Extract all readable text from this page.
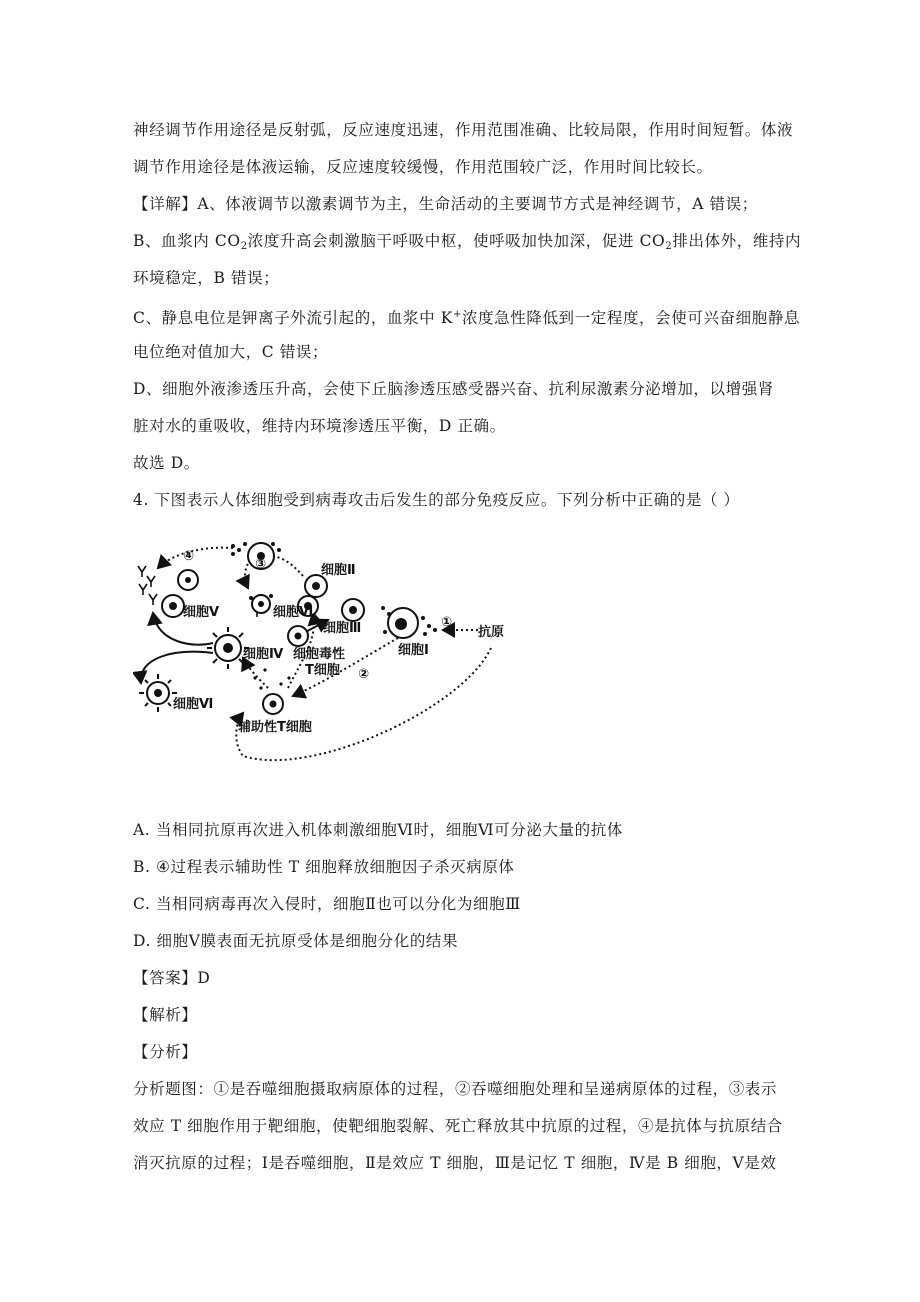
神经调节作用途径是反射弧，反应速度迅速，作用范围准确、比较局限，作用时间短暂。体液
调节作用途径是体液运输，反应速度较缓慢，作用范围较广泛，作用时间比较长。
【详解】A、体液调节以激素调节为主，生命活动的主要调节方式是神经调节，A 错误；
B、血浆内 $CO_2$浓度升高会刺激脑干呼吸中枢，使呼吸加快加深，促进 $CO_2$排出体外，维持内
环境稳定，B 错误；
C、静息电位是钾离子外流引起的，血浆中 K+浓度急性降低到一定程度，会使可兴奋细胞静息
电位绝对值加大，C 错误；
D、细胞外液渗透压升高，会使下丘脑渗透压感受器兴奋、抗利尿激素分泌增加，以增强肾
脏对水的重吸收，维持内环境渗透压平衡，D 正确。
故选 D。
4. 下图表示人体细胞受到病毒攻击后发生的部分免疫反应。下列分析中正确的是（ ）
④
③
①
②
细胞Ⅱ
细胞Ⅵ
细胞Ⅲ
细胞Ⅴ
细胞Ⅳ 细胞毒性
T细胞
细胞Ⅰ
抗原
细胞Ⅵ
辅助性T细胞
A. 当相同抗原再次进入机体刺激细胞Ⅵ时，细胞Ⅵ可分泌大量的抗体
B. ④过程表示辅助性 T 细胞释放细胞因子杀灭病原体
C. 当相同病毒再次入侵时，细胞Ⅱ也可以分化为细胞Ⅲ
D. 细胞Ⅴ膜表面无抗原受体是细胞分化的结果
【答案】D
【解析】
【分析】
分析题图：①是吞噬细胞摄取病原体的过程，②吞噬细胞处理和呈递病原体的过程，③表示
效应 T 细胞作用于靶细胞，使靶细胞裂解、死亡释放其中抗原的过程，④是抗体与抗原结合
消灭抗原的过程；Ⅰ是吞噬细胞，Ⅱ是效应 T 细胞，Ⅲ是记忆 T 细胞，Ⅳ是 B 细胞，Ⅴ是效
